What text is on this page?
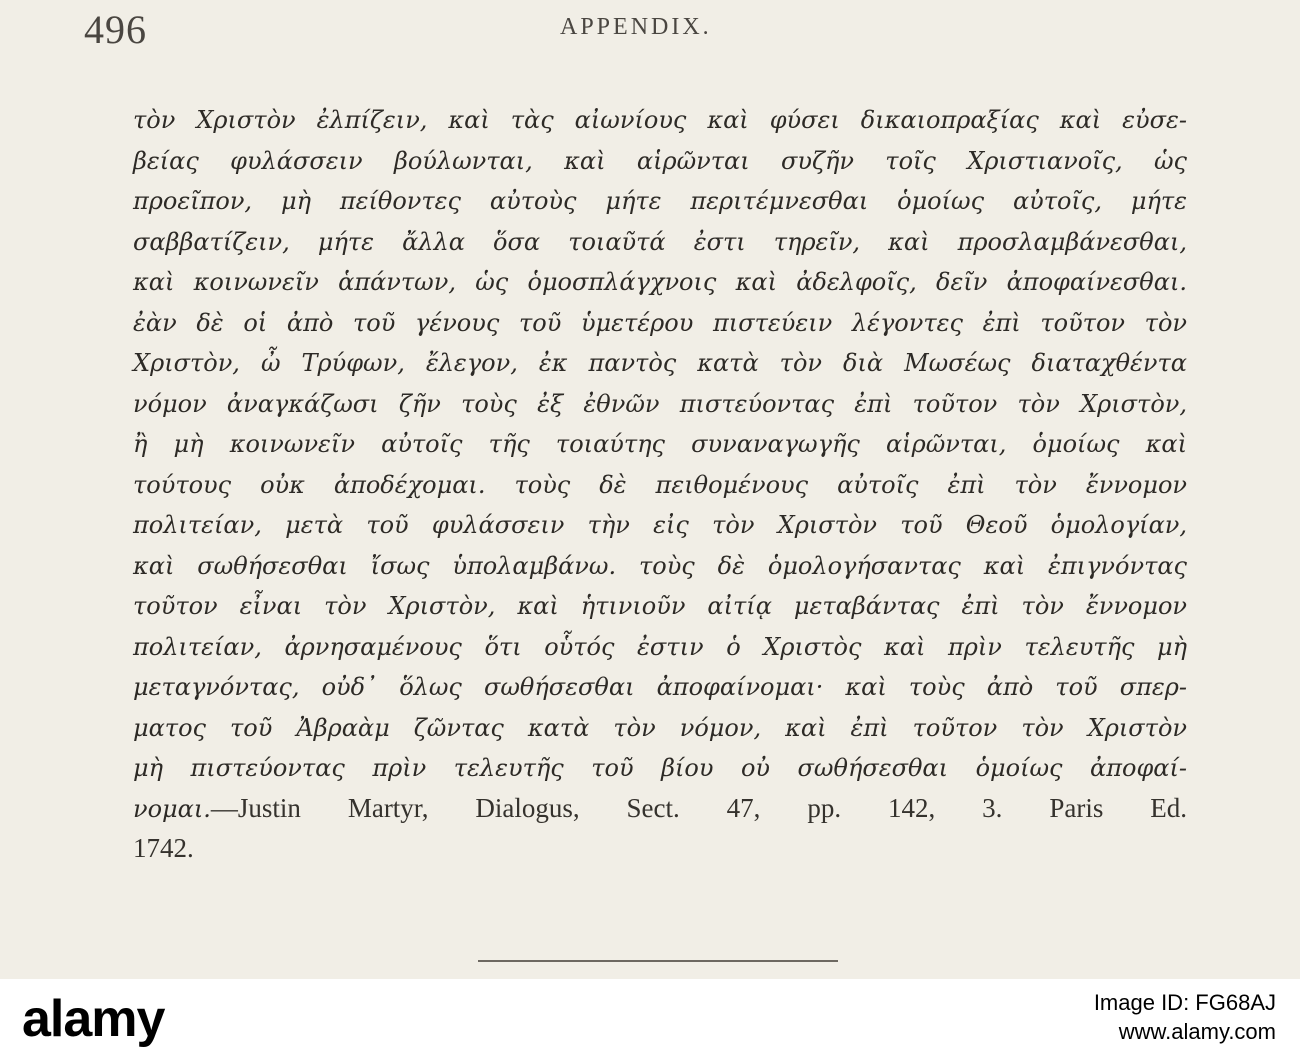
496	APPENDIX.
τὸν Χριστὸν ἐλπίζειν, καὶ τὰς αἰωνίους καὶ φύσει δικαιοπραξίας καὶ εὐσε-
βείας φυλάσσειν βούλωνται, καὶ αἱρῶνται συζῆν τοῖς Χριστιανοῖς, ὡς
προεῖπον, μὴ πείθοντες αὐτοὺς μήτε περιτέμνεσθαι ὁμοίως αὐτοῖς, μήτε
σαββατίζειν, μήτε ἄλλα ὅσα τοιαῦτά ἐστι τηρεῖν, καὶ προσλαμβάνεσθαι,
καὶ κοινωνεῖν ἁπάντων, ὡς ὁμοσπλάγχνοις καὶ ἀδελφοῖς, δεῖν ἀποφαίνεσθαι.
ἐὰν δὲ οἱ ἀπὸ τοῦ γένους τοῦ ὑμετέρου πιστεύειν λέγοντες ἐπὶ τοῦτον τὸν
Χριστὸν, ὦ Τρύφων, ἔλεγον, ἐκ παντὸς κατὰ τὸν διὰ Μωσέως διαταχθέντα
νόμον ἀναγκάζωσι ζῆν τοὺς ἐξ ἐθνῶν πιστεύοντας ἐπὶ τοῦτον τὸν Χριστὸν,
ἢ μὴ κοινωνεῖν αὐτοῖς τῆς τοιαύτης συναναγωγῆς αἱρῶνται, ὁμοίως καὶ
τούτους οὐκ ἀποδέχομαι. τοὺς δὲ πειθομένους αὐτοῖς ἐπὶ τὸν ἔννομον
πολιτείαν, μετὰ τοῦ φυλάσσειν τὴν εἰς τὸν Χριστὸν τοῦ Θεοῦ ὁμολογίαν,
καὶ σωθήσεσθαι ἴσως ὑπολαμβάνω. τοὺς δὲ ὁμολογήσαντας καὶ ἐπιγνόντας
τοῦτον εἶναι τὸν Χριστὸν, καὶ ἡτινιοῦν αἰτίᾳ μεταβάντας ἐπὶ τὸν ἔννομον
πολιτείαν, ἀρνησαμένους ὅτι οὗτός ἐστιν ὁ Χριστὸς καὶ πρὶν τελευτῆς μὴ
μεταγνόντας, οὐδ᾽ ὅλως σωθήσεσθαι ἀποφαίνομαι· καὶ τοὺς ἀπὸ τοῦ σπερ-
ματος τοῦ Ἀβραὰμ ζῶντας κατὰ τὸν νόμον, καὶ ἐπὶ τοῦτον τὸν Χριστὸν
μὴ πιστεύοντας πρὶν τελευτῆς τοῦ βίου οὐ σωθήσεσθαι ὁμοίως ἀποφαί-
νομαι.—Justin Martyr, Dialogus, Sect. 47, pp. 142, 3. Paris Ed.
1742.
alamy	Image ID: FG68AJ
www.alamy.com
